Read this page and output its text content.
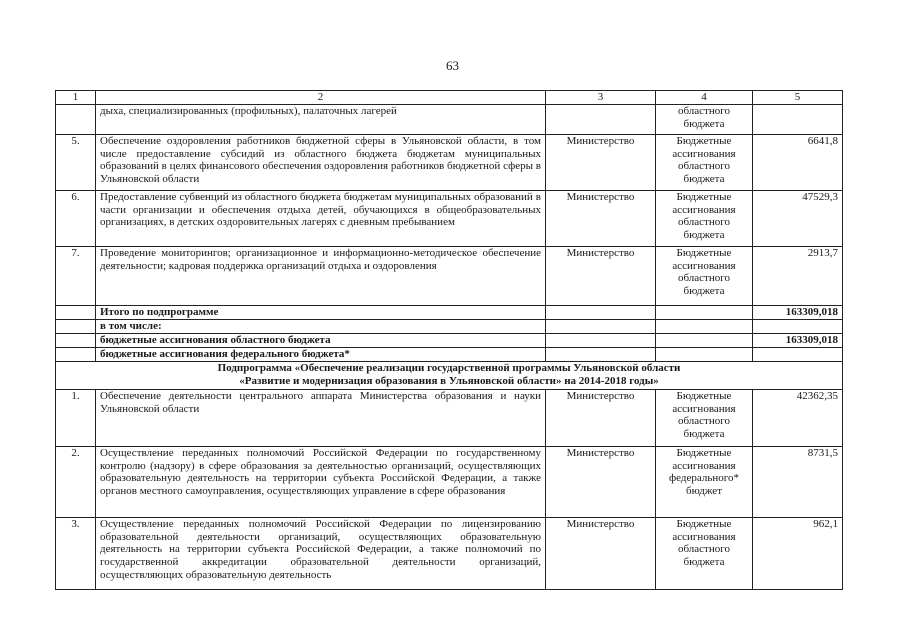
63
1	2	3	4	5
	дыха, специализированных (профильных), палаточных лагерей		областного бюджета	
5.	Обеспечение оздоровления работников бюджетной сферы в Ульяновской области, в том числе предоставление субсидий из областного бюджета бюджетам муниципальных образований в целях финансового обеспечения оздоровления работников бюджетной сферы в Ульяновской области	Министерство	Бюджетные ассигнования областного бюджета	6641,8
6.	Предоставление субвенций из областного бюджета бюджетам муниципальных образований в части организации и обеспечения отдыха детей, обучающихся в общеобразовательных организациях, в детских оздоровительных лагерях с дневным пребыванием	Министерство	Бюджетные ассигнования областного бюджета	47529,3
7.	Проведение мониторингов; организационное и информационно-методическое обеспечение деятельности; кадровая поддержка организаций отдыха и оздоровления	Министерство	Бюджетные ассигнования областного бюджета	2913,7
	Итого по подпрограмме			163309,018
	в том числе:			
	бюджетные ассигнования областного бюджета			163309,018
	бюджетные ассигнования федерального бюджета*			

Подпрограмма «Обеспечение реализации государственной программы Ульяновской области
«Развитие и модернизация образования в Ульяновской области» на 2014-2018 годы»				

1.	Обеспечение деятельности центрального аппарата Министерства образования и науки Ульяновской области	Министерство	Бюджетные ассигнования областного бюджета	42362,35
2.	Осуществление переданных полномочий Российской Федерации по государственному контролю (надзору) в сфере образования за деятельностью организаций, осуществляющих образовательную деятельность на территории субъекта Российской Федерации, а также органов местного самоуправления, осуществляющих управление в сфере образования	Министерство	Бюджетные ассигнования федерального* бюджет	8731,5
3.	Осуществление переданных полномочий Российской Федерации по лицензированию образовательной деятельности организаций, осуществляющих образовательную деятельность на территории субъекта Российской Федерации, а также полномочий по государственной аккредитации образовательной деятельности организаций, осуществляющих образовательную деятельность	Министерство	Бюджетные ассигнования областного бюджета	962,1
